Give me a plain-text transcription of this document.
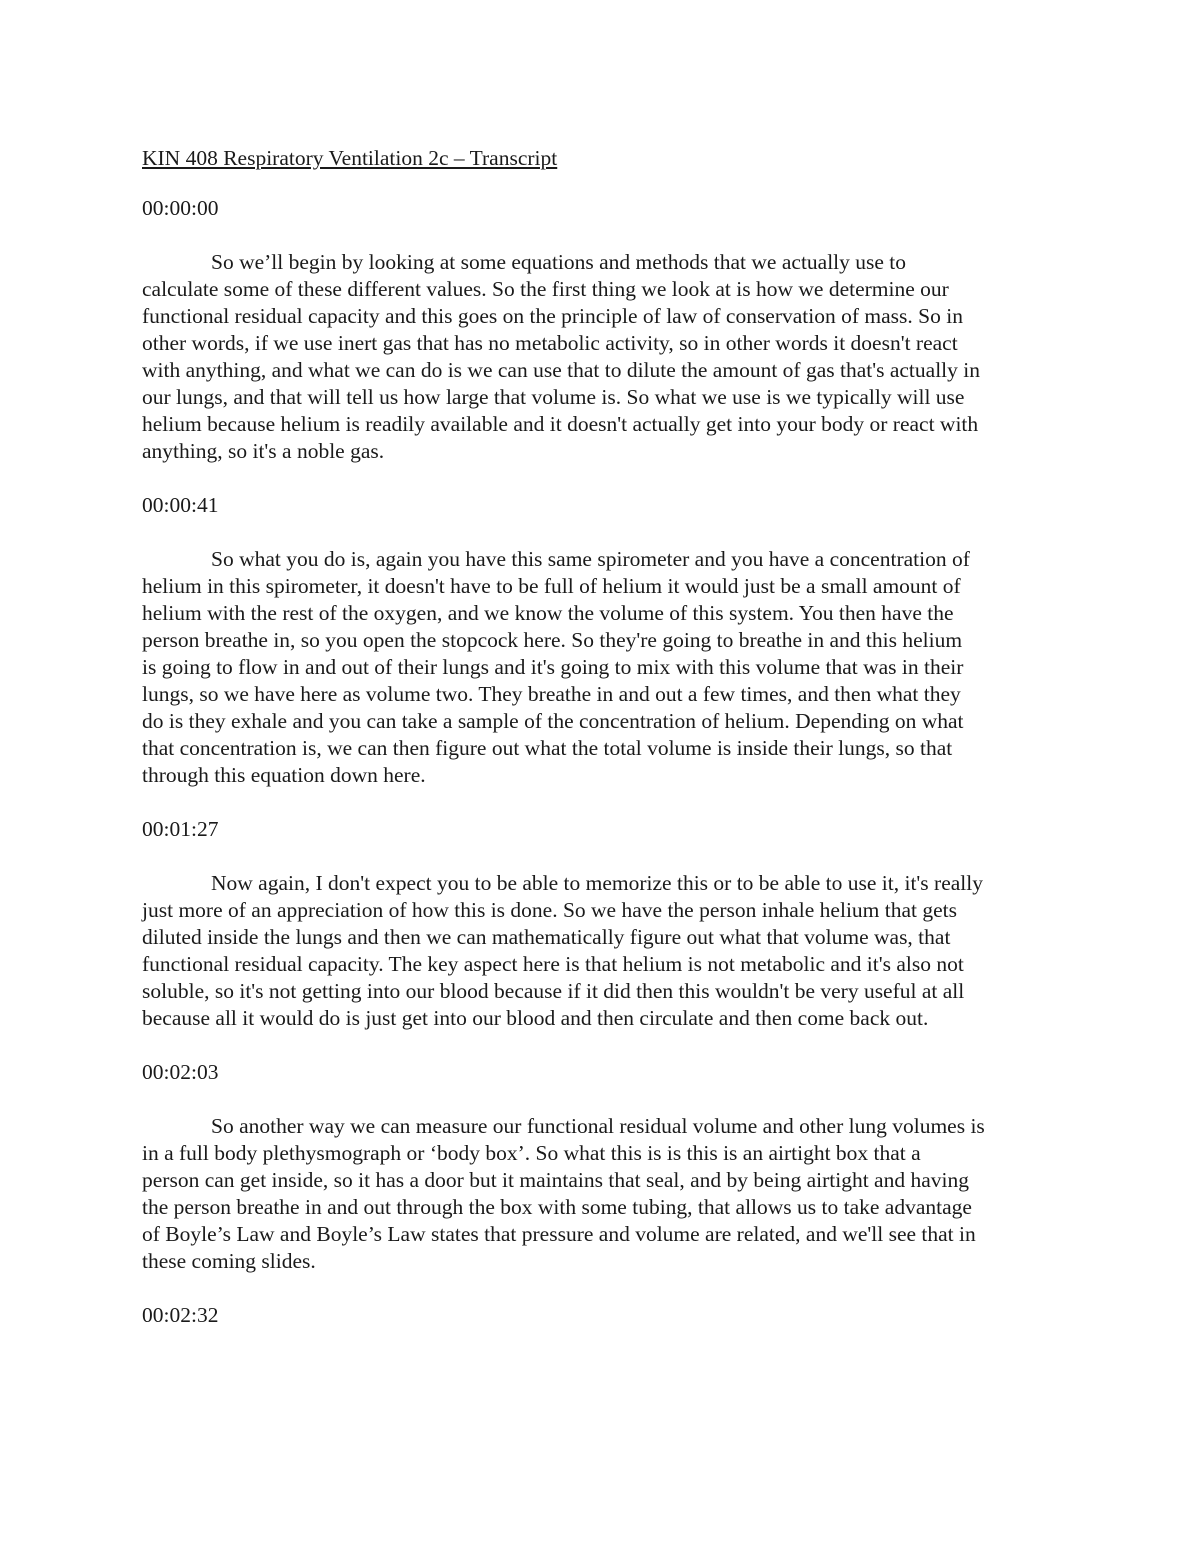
KIN 408 Respiratory Ventilation 2c – Transcript
00:00:00
So we’ll begin by looking at some equations and methods that we actually use to
calculate some of these different values. So the first thing we look at is how we determine our
functional residual capacity and this goes on the principle of law of conservation of mass. So in
other words, if we use inert gas that has no metabolic activity, so in other words it doesn't react
with anything, and what we can do is we can use that to dilute the amount of gas that's actually in
our lungs, and that will tell us how large that volume is. So what we use is we typically will use
helium because helium is readily available and it doesn't actually get into your body or react with
anything, so it's a noble gas.
00:00:41
So what you do is, again you have this same spirometer and you have a concentration of
helium in this spirometer, it doesn't have to be full of helium it would just be a small amount of
helium with the rest of the oxygen, and we know the volume of this system. You then have the
person breathe in, so you open the stopcock here. So they're going to breathe in and this helium
is going to flow in and out of their lungs and it's going to mix with this volume that was in their
lungs, so we have here as volume two. They breathe in and out a few times, and then what they
do is they exhale and you can take a sample of the concentration of helium. Depending on what
that concentration is, we can then figure out what the total volume is inside their lungs, so that
through this equation down here.
00:01:27
Now again, I don't expect you to be able to memorize this or to be able to use it, it's really
just more of an appreciation of how this is done. So we have the person inhale helium that gets
diluted inside the lungs and then we can mathematically figure out what that volume was, that
functional residual capacity. The key aspect here is that helium is not metabolic and it's also not
soluble, so it's not getting into our blood because if it did then this wouldn't be very useful at all
because all it would do is just get into our blood and then circulate and then come back out.
00:02:03
So another way we can measure our functional residual volume and other lung volumes is
in a full body plethysmograph or ‘body box’. So what this is is this is an airtight box that a
person can get inside, so it has a door but it maintains that seal, and by being airtight and having
the person breathe in and out through the box with some tubing, that allows us to take advantage
of Boyle’s Law and Boyle’s Law states that pressure and volume are related, and we'll see that in
these coming slides.
00:02:32
